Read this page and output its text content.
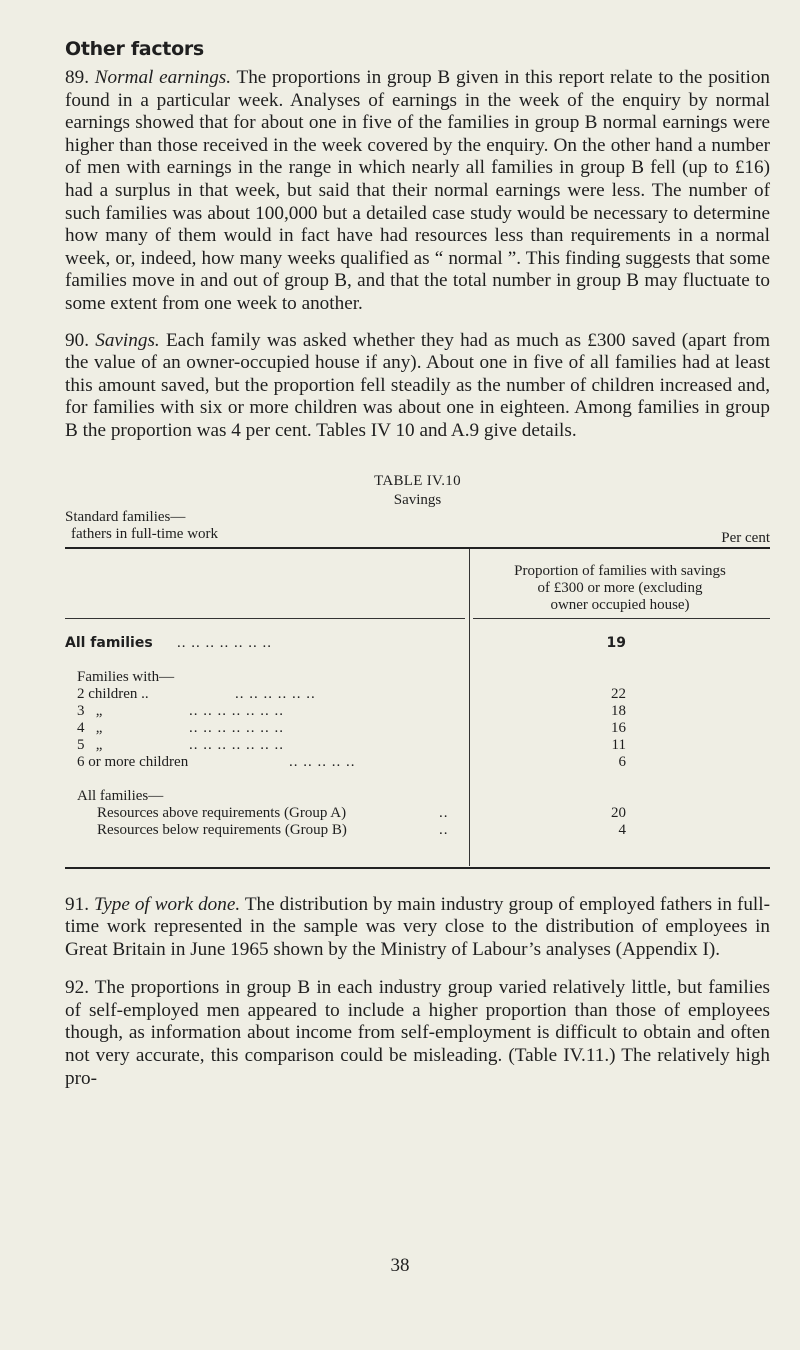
Other factors

89. Normal earnings. The proportions in group B given in this report relate to the position found in a particular week. Analyses of earnings in the week of the enquiry by normal earnings showed that for about one in five of the families in group B normal earnings were higher than those received in the week covered by the enquiry. On the other hand a number of men with earnings in the range in which nearly all families in group B fell (up to £16) had a surplus in that week, but said that their normal earnings were less. The number of such families was about 100,000 but a detailed case study would be necessary to determine how many of them would in fact have had resources less than requirements in a normal week, or, indeed, how many weeks qualified as “ normal ”. This finding suggests that some families move in and out of group B, and that the total number in group B may fluctuate to some extent from one week to another.

90. Savings. Each family was asked whether they had as much as £300 saved (apart from the value of an owner-occupied house if any). About one in five of all families had at least this amount saved, but the proportion fell steadily as the number of children increased and, for families with six or more children was about one in eighteen. Among families in group B the proportion was 4 per cent. Tables IV 10 and A.9 give details.

TABLE IV.10
Savings
Standard families—
fathers in full-time work	Per cent
Proportion of families with savings
of £300 or more (excluding
owner occupied house)
All families .. .. .. .. .. .. ..	19
Families with—
2 children ..	.. .. .. .. .. ..	22
3   „	.. .. .. .. .. .. ..	18
4   „	.. .. .. .. .. .. ..	16
5   „	.. .. .. .. .. .. ..	11
6 or more children	.. .. .. .. ..	6
All families—
Resources above requirements (Group A)	..	20
Resources below requirements (Group B)	..	4

91. Type of work done. The distribution by main industry group of employed fathers in full-time work represented in the sample was very close to the distribution of employees in Great Britain in June 1965 shown by the Ministry of Labour’s analyses (Appendix I).

92. The proportions in group B in each industry group varied relatively little, but families of self-employed men appeared to include a higher proportion than those of employees though, as information about income from self-employment is difficult to obtain and often not very accurate, this comparison could be misleading. (Table IV.11.) The relatively high pro-

38
